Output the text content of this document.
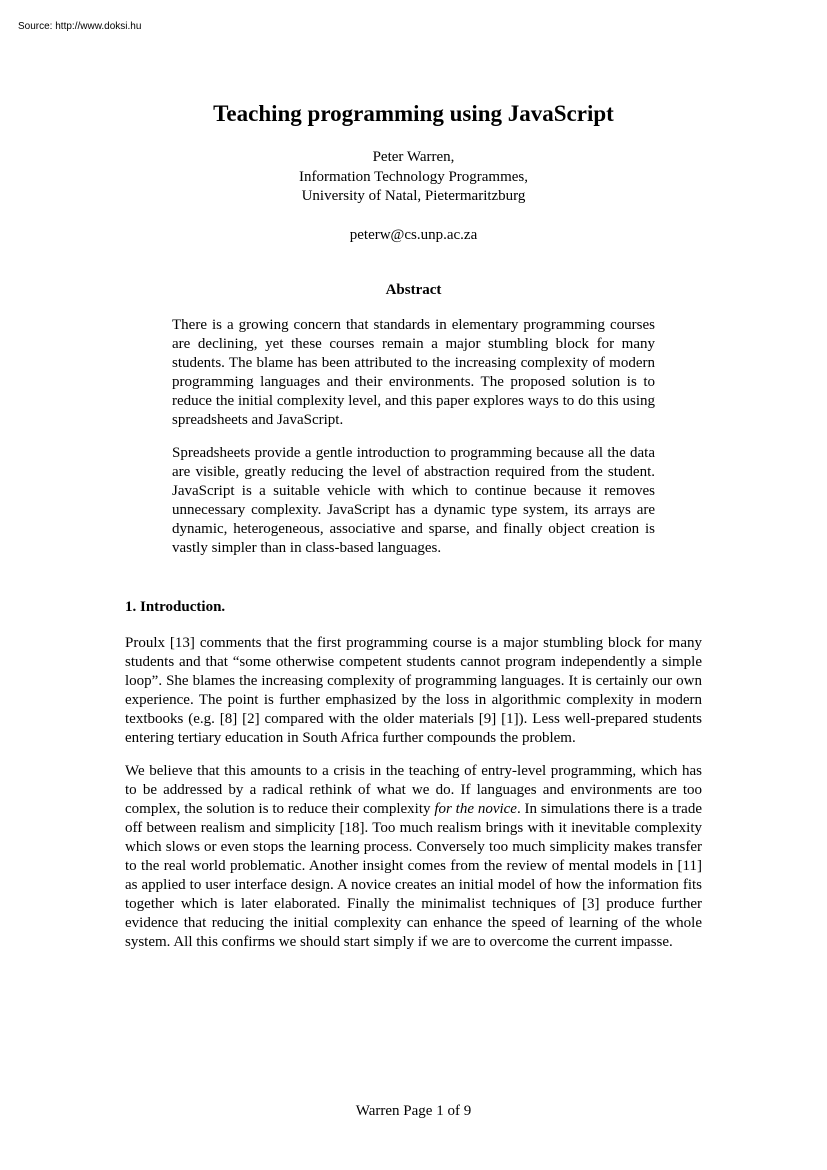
Source: http://www.doksi.hu
Teaching programming using JavaScript
Peter Warren,
Information Technology Programmes,
University of Natal, Pietermaritzburg
peterw@cs.unp.ac.za
Abstract

There is a growing concern that standards in elementary programming courses are declining, yet these courses remain a major stumbling block for many students. The blame has been attributed to the increasing complexity of modern programming languages and their environments. The proposed solution is to reduce the initial complexity level, and this paper explores ways to do this using spreadsheets and JavaScript.

Spreadsheets provide a gentle introduction to programming because all the data are visible, greatly reducing the level of abstraction required from the student. JavaScript is a suitable vehicle with which to continue because it removes unnecessary complexity. JavaScript has a dynamic type system, its arrays are dynamic, heterogeneous, associative and sparse, and finally object creation is vastly simpler than in class-based languages.

1. Introduction.

Proulx [13] comments that the first programming course is a major stumbling block for many students and that “some otherwise competent students cannot program independently a simple loop”. She blames the increasing complexity of programming languages. It is certainly our own experience. The point is further emphasized by the loss in algorithmic complexity in modern textbooks (e.g. [8] [2] compared with the older materials [9] [1]). Less well-prepared students entering tertiary education in South Africa further compounds the problem.

We believe that this amounts to a crisis in the teaching of entry-level programming, which has to be addressed by a radical rethink of what we do. If languages and environments are too complex, the solution is to reduce their complexity for the novice. In simulations there is a trade off between realism and simplicity [18]. Too much realism brings with it inevitable complexity which slows or even stops the learning process. Conversely too much simplicity makes transfer to the real world problematic. Another insight comes from the review of mental models in [11] as applied to user interface design. A novice creates an initial model of how the information fits together which is later elaborated. Finally the minimalist techniques of [3] produce further evidence that reducing the initial complexity can enhance the speed of learning of the whole system. All this confirms we should start simply if we are to overcome the current impasse.

Warren Page 1 of 9
